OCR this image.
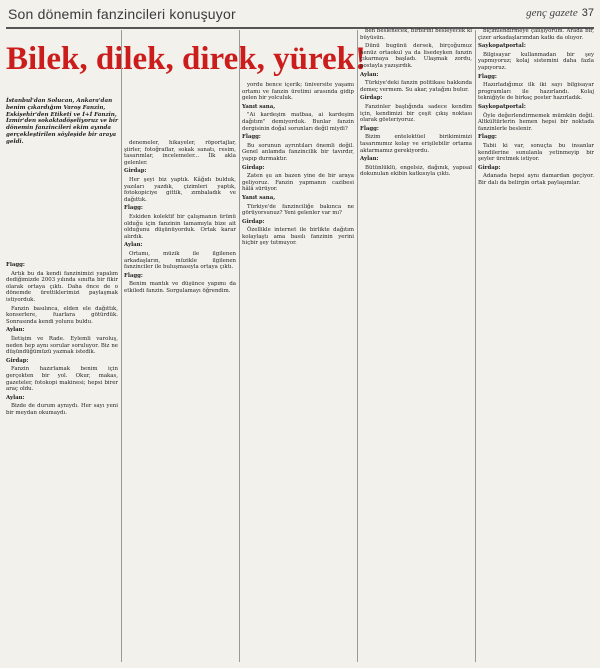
Son dönemin fanzincileri konuşuyor	genç gazete 37
Bilek, dilek, direk, yürek!
İstanbul'dan Solucan, Ankara'dan benim çıkardığım Varoş Fanzin, Eskişehir'den Etiketi ve İ+İ Fanzin, İzmir'den sokaktadöşeliyoruz ve bir dönemin fanzincileri ekim ayında gerçekleştirilen söyleşide bir araya geldi.

Flagg:

Artık bu da kendi fanzinimizi yapalım dediğimizde 2003 yılında sınıfta bir fikir olarak ortaya çıktı. Daha önce de o dönemde ürettiklerimizi paylaşmak istiyorduk.

Fanzin basılınca, elden ele dağıttık, konserlere, fuarlara götürdük. Sonrasında kendi yolunu buldu.

Aylan:

İletişim ve Rade. Eylemli varoluş, neden hep aynı sorular soruluyor. Biz ne düşündüğümüzü yazmak istedik.

Girdap:

Fanzin hazırlamak benim için gerçekten bir yol. Okur, makas, gazeteler, fotokopi makinesi; hepsi birer araç oldu.

Aylan:

Bizde de durum aynıydı. Her sayı yeni bir meydan okumaydı.

denemeler, hikayeler, röportajlar, şiirler, fotoğraflar, sokak sanatı, resim, tasarımlar, incelemeler... İlk akla gelenler.

Girdap:

Her şeyi biz yaptık. Kâğıdı bulduk, yazıları yazdık, çizimleri yaptık, fotokopiciye gittik, zımbaladık ve dağıttık.

Flagg:

Eskiden kolektif bir çalışmanın ürünü olduğu için fanzinin tamamıyla bize ait olduğunu düşünüyorduk. Ortak karar alırdık.

Aylan:

Ortamı, müzik ile ilgilenen arkadaşların, müzikle ilgilenen fanzinciler ile buluşmasıyla ortaya çıktı.

Flagg:

Benim mantık ve düşünce yapımı da etkiledi fanzin. Sorgulamayı öğrendim.

yordu bence içerik; üniversite yaşamı ortamı ve fanzin üretimi arasında gidip gelen bir yolculuk.

Yanıt sana,

"Ai kardeşim matbaa, ai kardeşim dağıtım" demiyorduk. Bunlar fanzin dergisinin doğal sorunları değil miydi?

Flagg:

Bu sorunun ayrıntıları önemli değil. Genel anlamda fanzincilik bir tavırdır, yapıp durmaktır.

Girdap:

Zaten şu an bazen yine de bir araya geliyoruz. Fanzin yapmanın cazibesi hâlâ sürüyor.

Yanıt sana,

Türkiye'de fanzinciliğe bakınca ne görüyorsunuz? Yeni gelenler var mı?

Girdap:

Özellikle internet ile birlikte dağıtım kolaylaştı ama basılı fanzinin yerini hiçbir şey tutmuyor.

ben beslenecek, birbirini besleyecek ki büyüsün.

Dünü bugünü dersek, birçoğumuz henüz ortaokul ya da lisedeyken fanzin çıkarmaya başladı. Ulaşmak zordu, postayla yazışırdık.

Aylan:

Türkiye'deki fanzin politikası hakkında demeç vermem. Su akar, yatağını bulur.

Girdap:

Fanzinler başlığında sadece kendim için, kendimizi bir çeşit çıkış noktası olarak gösteriyoruz.

Flagg:

Bizim entelektüel birikimimizi tasarımımız kolay ve erişilebilir ortama aktarmamız gerekiyordu.

Aylan:

Bütünlüklü, engelsiz, dağınık, yapısal dokunulan ekibin katkısıyla çıktı.

biçimlendirmeye çalışıyorum. Arada bir, çizer arkadaşlarımdan katkı da oluyor.

Saykopatportal:

Bilgisayar kullanmadan bir şey yapmıyoruz; kolaj sistemini daha fazla yapıyoruz.

Flagg:

Hazırladığımız ilk iki sayı bilgisayar programları ile hazırlandı. Kolaj tekniğiyle de birkaç poster hazırladık.

Saykopatportal:

Öyle değerlendirmemek mümkün değil. Altkültürlerin hemen hepsi bir noktada fanzinlerle beslenir.

Flagg:

Tabii ki var, sonuçta bu insanlar kendilerine sunulanla yetinmeyip bir şeyler üretmek istiyor.

Girdap:

Adanada hepsi aynı damardan geçiyor. Bir dalı da belirgin ortak paylaşımlar.
